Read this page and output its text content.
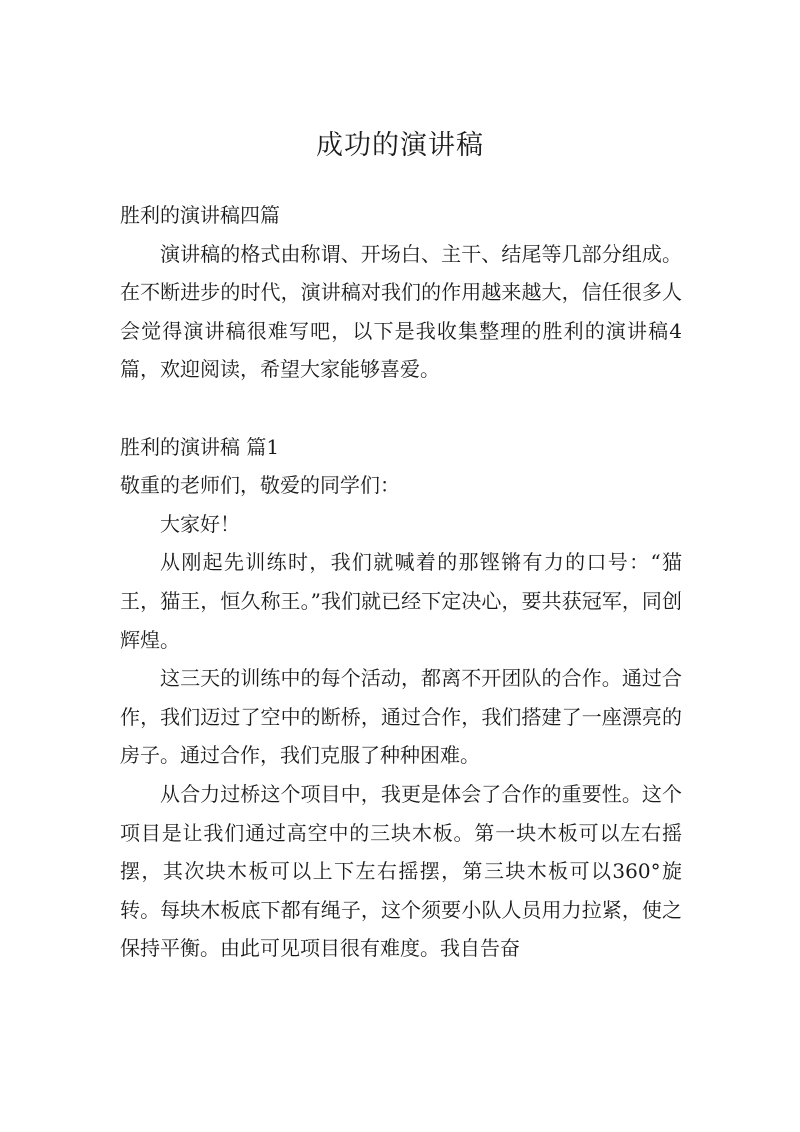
成功的演讲稿

胜利的演讲稿四篇

演讲稿的格式由称谓、开场白、主干、结尾等几部分组成。在不断进步的时代，演讲稿对我们的作用越来越大，信任很多人会觉得演讲稿很难写吧，以下是我收集整理的胜利的演讲稿4篇，欢迎阅读，希望大家能够喜爱。

胜利的演讲稿 篇1

敬重的老师们，敬爱的同学们：

大家好！

从刚起先训练时，我们就喊着的那铿锵有力的口号：“猫王，猫王，恒久称王。”我们就已经下定决心，要共获冠军，同创辉煌。

这三天的训练中的每个活动，都离不开团队的合作。通过合作，我们迈过了空中的断桥，通过合作，我们搭建了一座漂亮的房子。通过合作，我们克服了种种困难。

从合力过桥这个项目中，我更是体会了合作的重要性。这个项目是让我们通过高空中的三块木板。第一块木板可以左右摇摆，其次块木板可以上下左右摇摆，第三块木板可以360°旋转。每块木板底下都有绳子，这个须要小队人员用力拉紧，使之保持平衡。由此可见项目很有难度。我自告奋
